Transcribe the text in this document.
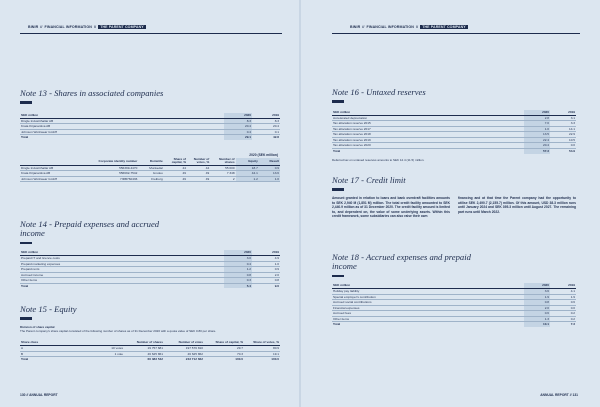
BINIR // FINANCIAL INFORMATION //	THE PARENT COMPANY
Note 13 - Shares in associated companies
SEK million	2020	2019
Dingle Industrihallar AB	8.3	8.3
Krata Kirjanantiva AB	20.4	20.4
Johnson Workwear GmbH	0.4	0.1
Total	29.1	42.8
2020 (SEK million)
	Corporate identity number	Domicile	Share of capital, %	Number of votes, %	Number of shares	Equity	Result
Dingle Industrihallar AB	556399-4470	Munkedal	44	44	55 000	18.7	0.9
Krata Kirjanantiva AB	556692-7542	Ixmoku	49	49	7 348	44.1	13.6
Johnson Workwear GmbH	HRB760436	Freiburg	49	49	2	1.2	1.0
Note 14 - Prepaid expenses and accrued income
SEK million	2020	2019
Prepaid IT and licence costs	3.0	4.9
Prepaid marketing expenses	0.4	1.0
Prepaid rents	1.2	0.9
Accrued income	0.8	2.0
Other items	0.3	0.8
Total	5.4	9.6
Note 15 - Equity
Division of share capital
The Parent company's share capital consisted of the following number of shares as of 31 December 2020 with a quota value of SEK 0.80 per share.
Share class		Number of shares	Number of votes	Share of capital, %	Share of votes, %
A	10 votes	19 757 681	197 576 810	29.7	80.9
B	1 vote	46 625 861	46 625 862	70.3	19.1
Total		66 383 542	243 712 662	100.0	100.0
130 // ANNUAL REPORT
BINIR // FINANCIAL INFORMATION //	THE PARENT COMPANY
Note 16 - Untaxed reserves
SEK million	2020	2019
Accelerated depreciation	2.8	3.1
Tax allocation reserve 2015	7.0	3.3
Tax allocation reserve 2017	1.0	14.1
Tax allocation reserve 2018	13.5	22.9
Tax allocation reserve 2019	22.4	10.5
Tax allocation reserve 2020	20.4	0.0
Total	57.3	54.9
Deferred tax on untaxed reserves amounts to SEK 12.4 (11.5) million.
Note 17 - Credit limit
Amount granted in relation to loans and bank overdraft facilities amounts to SEK 2,940 M (1,851 M) million. The total credit facility amounted to SEK 2,440.9 million as of 31 December 2020. The credit facility amount is limited to, and dependent on, the value of some underlying assets. Within this credit framework, some subsidiaries can also raise their own
financing and at that time the Parent company had the opportunity to utilise SEK 2,490.7 (2,155.7) million. Of this amount, USD 38.3 million runs until January 2024 and SEK 395.3 million until August 2027. The remaining part runs until March 2022.
Note 18 - Accrued expenses and prepaid income
SEK million	2020	2019
Holiday pay liability	3.6	4.1
Special employer's contribution	1.9	1.9
Accrued social contributions	0.8	0.6
Financial expenses	2.0	0.0
Accrued fees	0.6	0.2
Other items	1.3	0.2
Total	10.1	7.3
ANNUAL REPORT // 131
